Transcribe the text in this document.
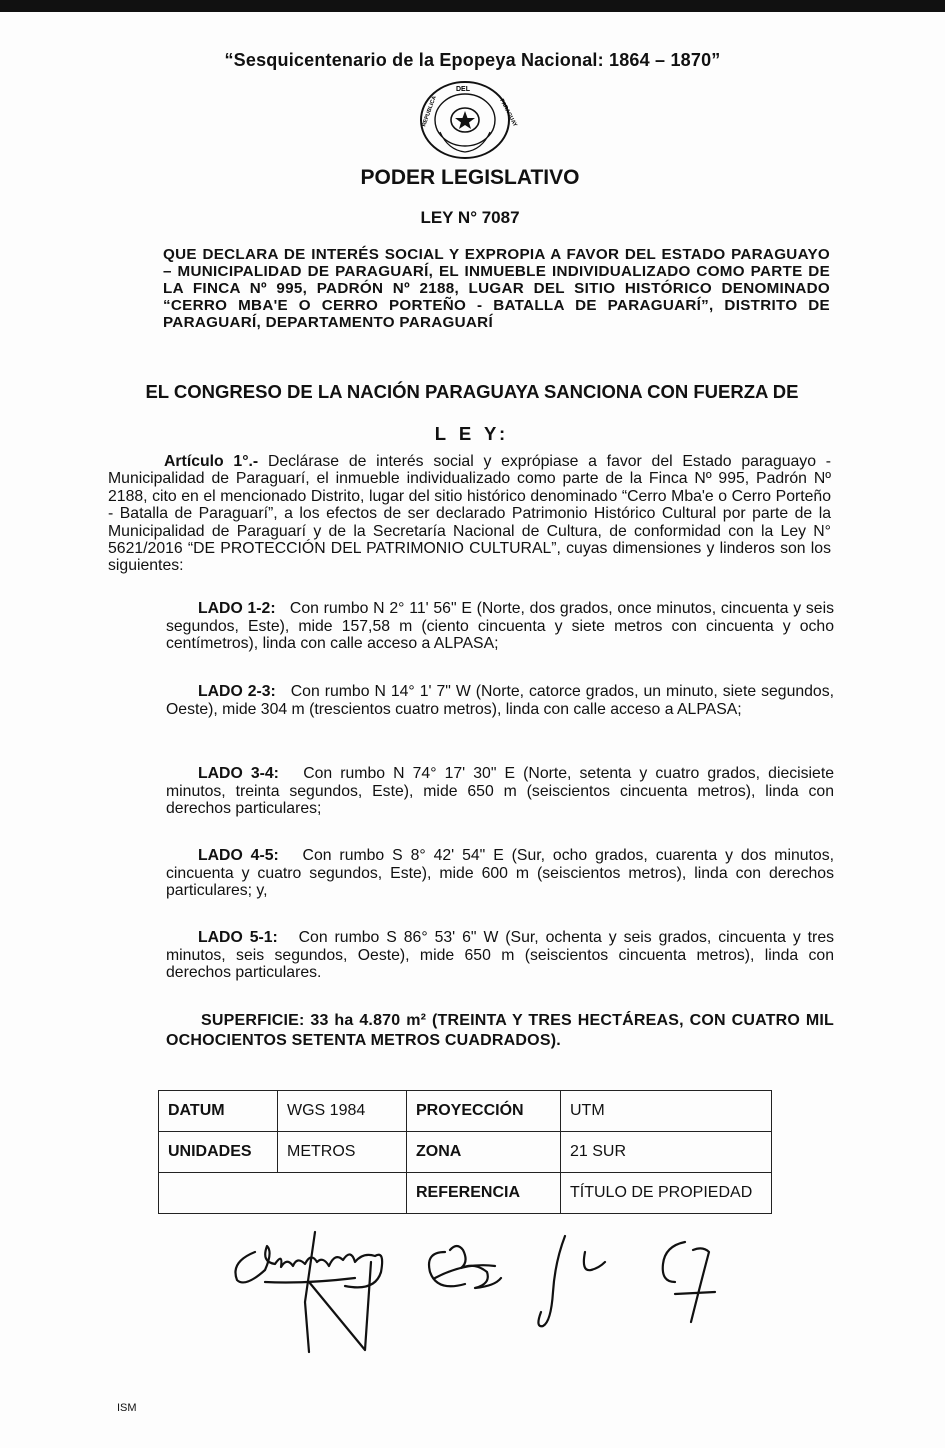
“Sesquicentenario de la Epopeya Nacional: 1864 – 1870”
DEL
REPUBLICA	PARAGUAY
PODER LEGISLATIVO
LEY N° 7087
QUE DECLARA DE INTERÉS SOCIAL Y EXPROPIA A FAVOR DEL ESTADO PARAGUAYO – MUNICIPALIDAD DE PARAGUARÍ, EL INMUEBLE INDIVIDUALIZADO COMO PARTE DE LA FINCA Nº 995, PADRÓN Nº 2188, LUGAR DEL SITIO HISTÓRICO DENOMINADO “CERRO MBA'E O CERRO PORTEÑO - BATALLA DE PARAGUARÍ”, DISTRITO DE PARAGUARÍ, DEPARTAMENTO PARAGUARÍ
EL CONGRESO DE LA NACIÓN PARAGUAYA SANCIONA CON FUERZA DE
L E Y:
Artículo 1°.- Declárase de interés social y exprópiase a favor del Estado paraguayo - Municipalidad de Paraguarí, el inmueble individualizado como parte de la Finca Nº 995, Padrón Nº 2188, cito en el mencionado Distrito, lugar del sitio histórico denominado “Cerro Mba'e o Cerro Porteño - Batalla de Paraguarí”, a los efectos de ser declarado Patrimonio Histórico Cultural por parte de la Municipalidad de Paraguarí y de la Secretaría Nacional de Cultura, de conformidad con la Ley N° 5621/2016 “DE PROTECCIÓN DEL PATRIMONIO CULTURAL”, cuyas dimensiones y linderos son los siguientes:
LADO 1-2: Con rumbo N 2° 11' 56" E (Norte, dos grados, once minutos, cincuenta y seis segundos, Este), mide 157,58 m (ciento cincuenta y siete metros con cincuenta y ocho centímetros), linda con calle acceso a ALPASA;
LADO 2-3: Con rumbo N 14° 1' 7" W (Norte, catorce grados, un minuto, siete segundos, Oeste), mide 304 m (trescientos cuatro metros), linda con calle acceso a ALPASA;
LADO 3-4: Con rumbo N 74° 17' 30" E (Norte, setenta y cuatro grados, diecisiete minutos, treinta segundos, Este), mide 650 m (seiscientos cincuenta metros), linda con derechos particulares;
LADO 4-5: Con rumbo S 8° 42' 54" E (Sur, ocho grados, cuarenta y dos minutos, cincuenta y cuatro segundos, Este), mide 600 m (seiscientos metros), linda con derechos particulares; y,
LADO 5-1: Con rumbo S 86° 53' 6" W (Sur, ochenta y seis grados, cincuenta y tres minutos, seis segundos, Oeste), mide 650 m (seiscientos cincuenta metros), linda con derechos particulares.
SUPERFICIE: 33 ha 4.870 m² (TREINTA Y TRES HECTÁREAS, CON CUATRO MIL OCHOCIENTOS SETENTA METROS CUADRADOS).
DATUM	WGS 1984	PROYECCIÓN	UTM
UNIDADES	METROS	ZONA	21 SUR
		REFERENCIA	TÍTULO DE PROPIEDAD
ISM
